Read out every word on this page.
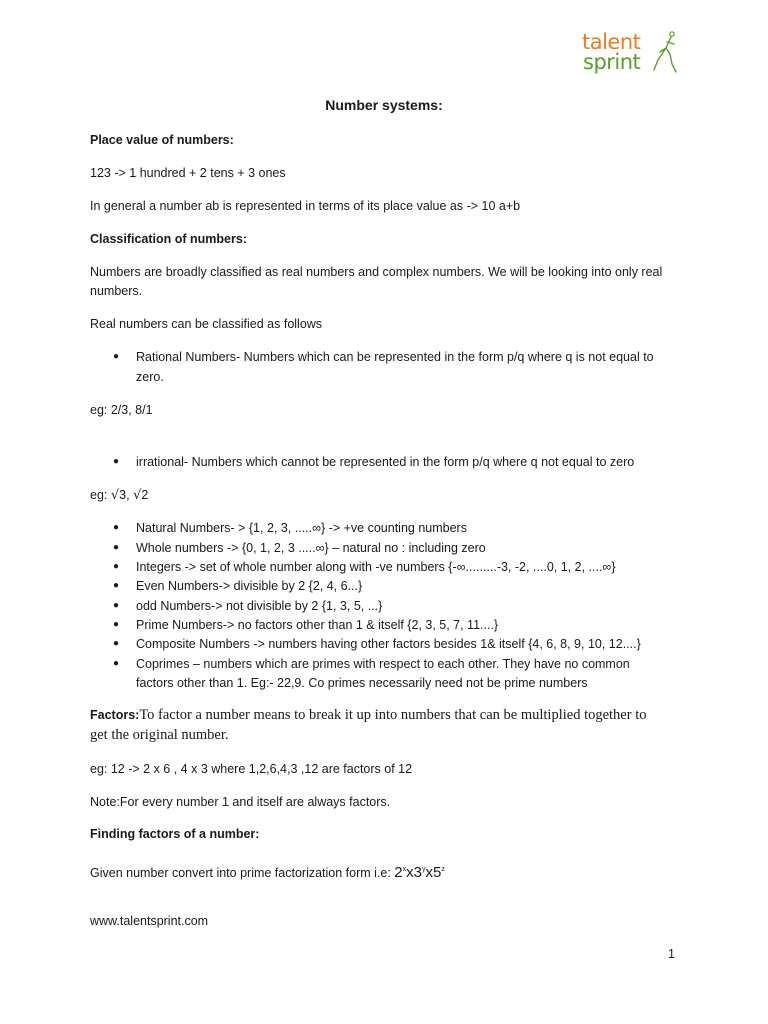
talent
sprint
Number systems:
Place value of numbers:
123 -> 1 hundred + 2 tens + 3 ones
In general a number ab is represented in terms of its place value as -> 10 a+b
Classification of numbers:
Numbers are broadly classified as real numbers and complex numbers. We will be looking into only real
numbers.
Real numbers can be classified as follows
● Rational Numbers- Numbers which can be represented in the form p/q where q is not equal to
zero.
eg: 2/3, 8/1
● irrational- Numbers which cannot be represented in the form p/q where q not equal to zero
eg: √3, √2
● Natural Numbers- > {1, 2, 3, .....∞} -> +ve counting numbers
● Whole numbers -> {0, 1, 2, 3 .....∞} – natural no : including zero
● Integers -> set of whole number along with -ve numbers {-∞.........-3, -2, ....0, 1, 2, ....∞}
● Even Numbers-> divisible by 2 {2, 4, 6...}
● odd Numbers-> not divisible by 2 {1, 3, 5, ...}
● Prime Numbers-> no factors other than 1 & itself {2, 3, 5, 7, 11....}
● Composite Numbers -> numbers having other factors besides 1& itself {4, 6, 8, 9, 10, 12....}
● Coprimes – numbers which are primes with respect to each other. They have no common
factors other than 1. Eg:- 22,9. Co primes necessarily need not be prime numbers
Factors:To factor a number means to break it up into numbers that can be multiplied together to
get the original number.
eg: 12 -> 2 x 6 , 4 x 3 where 1,2,6,4,3 ,12 are factors of 12
Note:For every number 1 and itself are always factors.
Finding factors of a number:
Given number convert into prime factorization form i.e: 2$^x$x3$^y$x5$^z$
www.talentsprint.com
1
